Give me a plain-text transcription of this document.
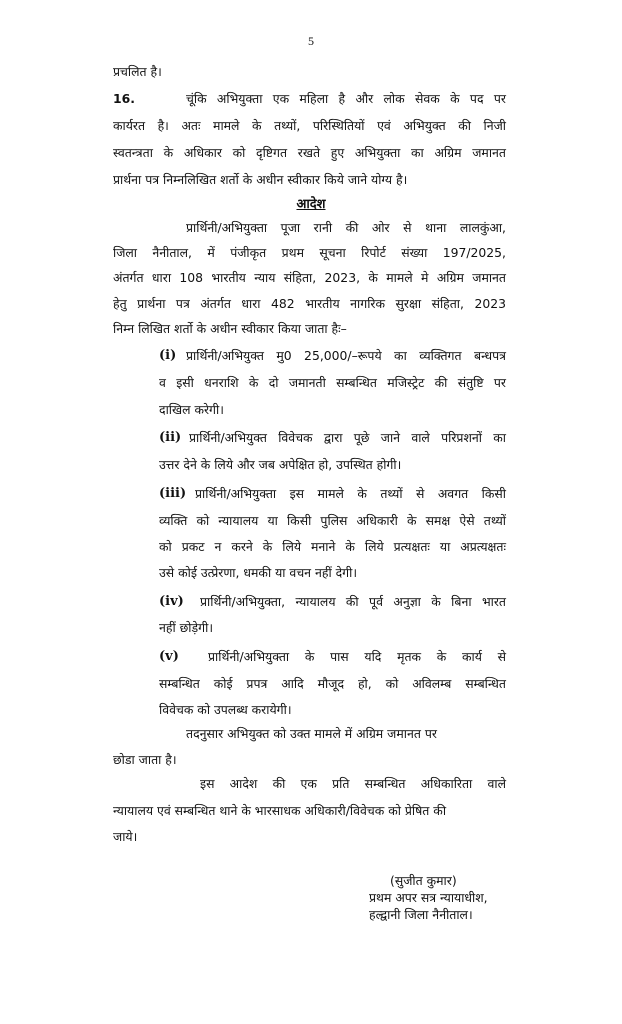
5
प्रचलित है।
16.	चूंकि अभियुक्ता एक महिला है और लोक सेवक के पद पर
कार्यरत है। अतः मामले के तथ्यों, परिस्थितियों एवं अभियुक्त की निजी
स्वतन्त्रता के अधिकार को दृष्टिगत रखते हुए अभियुक्ता का अग्रिम जमानत
प्रार्थना पत्र निम्नलिखित शर्तो के अधीन स्वीकार किये जाने योग्य है।
आदेश
प्रार्थिनी/अभियुक्ता पूजा रानी की ओर से थाना लालकुंआ,
जिला नैनीताल, में पंजीकृत प्रथम सूचना रिपोर्ट संख्या 197/2025,
अंतर्गत धारा 108 भारतीय न्याय संहिता, 2023, के मामले मे अग्रिम जमानत
हेतु प्रार्थना पत्र अंतर्गत धारा 482 भारतीय नागरिक सुरक्षा संहिता, 2023
निम्न लिखित शर्तो के अधीन स्वीकार किया जाता हैः–
(i) प्रार्थिनी/अभियुक्त मु0 25,000/–रूपये का व्यक्तिगत बन्धपत्र
व इसी धनराशि के दो जमानती सम्बन्धित मजिस्ट्रेट की संतुष्टि पर
दाखिल करेगी।
(ii) प्रार्थिनी/अभियुक्त विवेचक द्वारा पूछे जाने वाले परिप्रशनों का
उत्तर देने के लिये और जब अपेक्षित हो, उपस्थित होगी।
(iii) प्रार्थिनी/अभियुक्ता इस मामले के तथ्यों से अवगत किसी
व्यक्ति को न्यायालय या किसी पुलिस अधिकारी के समक्ष ऐसे तथ्यों
को प्रकट न करने के लिये मनाने के लिये प्रत्यक्षतः या अप्रत्यक्षतः
उसे कोई उत्प्रेरणा, धमकी या वचन नहीं देगी।
(iv) प्रार्थिनी/अभियुक्ता, न्यायालय की पूर्व अनुज्ञा के बिना भारत
नहीं छोड़ेगी।
(v) प्रार्थिनी/अभियुक्ता के पास यदि मृतक के कार्य से
सम्बन्धित कोई प्रपत्र आदि मौजूद हो, को अविलम्ब सम्बन्धित
विवेचक को उपलब्ध करायेगी।
तदनुसार अभियुक्त को उक्त मामले में अग्रिम जमानत पर
छोडा जाता है।
इस आदेश की एक प्रति सम्बन्धित अधिकारिता वाले
न्यायालय एवं सम्बन्धित थाने के भारसाधक अधिकारी/विवेचक को प्रेषित की
जाये।
(सुजीत कुमार)
प्रथम अपर सत्र न्यायाधीश,
हल्द्वानी जिला नैनीताल।
